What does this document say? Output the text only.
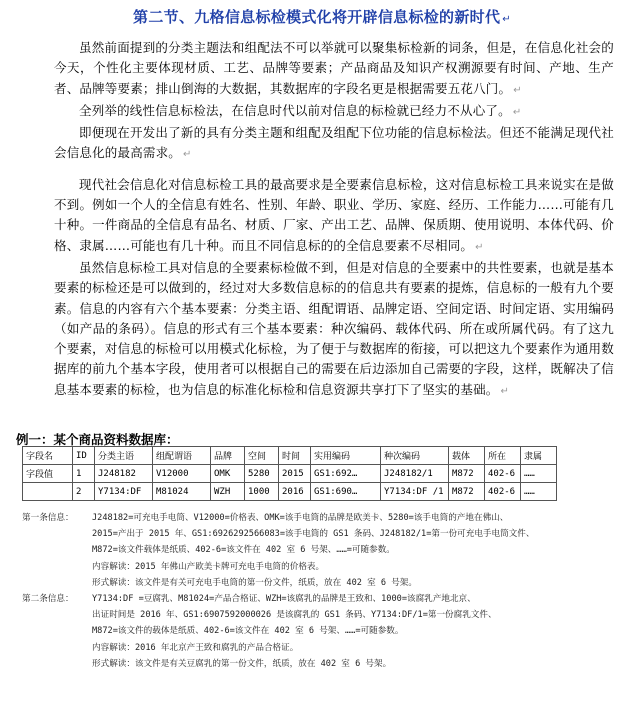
第二节、九格信息标检模式化将开辟信息标检的新时代 ↵

虽然前面提到的分类主题法和组配法不可以举就可以聚集标检新的词条，但是，在信息化社会的今天，个性化主要体现材质、工艺、品牌等要素；产品商品及知识产权溯源要有时间、产地、生产者、品牌等要素；排山倒海的大数据，其数据库的字段名更是根据需要五花八门。 ↵

全列举的线性信息标检法，在信息时代以前对信息的标检就已经力不从心了。 ↵

即便现在开发出了新的具有分类主题和组配及组配下位功能的信息标检法。但还不能满足现代社会信息化的最高需求。 ↵

现代社会信息化对信息标检工具的最高要求是全要素信息标检，这对信息标检工具来说实在是做不到。例如一个人的全信息有姓名、性别、年龄、职业、学历、家庭、经历、工作能力……可能有几十种。一件商品的全信息有品名、材质、厂家、产出工艺、品牌、保质期、使用说明、本体代码、价格、隶属……可能也有几十种。而且不同信息标的的全信息要素不尽相同。 ↵

虽然信息标检工具对信息的全要素标检做不到，但是对信息的全要素中的共性要素，也就是基本要素的标检还是可以做到的，经过对大多数信息标的的信息共有要素的提炼，信息标的一般有九个要素。信息的内容有六个基本要素：分类主语、组配谓语、品牌定语、空间定语、时间定语、实用编码（如产品的条码）。信息的形式有三个基本要素：种次编码、载体代码、所在或所属代码。有了这九个要素，对信息的标检可以用模式化标检，为了便于与数据库的衔接，可以把这九个要素作为通用数据库的前九个基本字段，使用者可以根据自己的需要在后边添加自己需要的字段，这样，既解决了信息基本要素的标检，也为信息的标准化标检和信息资源共享打下了坚实的基础。 ↵

例一：某个商品资料数据库：
字段名	ID	分类主语	组配谓语	品牌	空间	时间	实用编码	种次编码	载体	所在	隶属
字段值	1	J248182	V12000	OMK	5280	2015	GS1:692…	J248182/1	M872	402-6	……
	2	Y7134:DF	M81024	WZH	1000	2016	GS1:690…	Y7134:DF /1	M872	402-6	……
第一条信息： J248182=可充电手电筒、V12000=价格表、OMK=该手电筒的品牌是欧美卡、5280=该手电筒的产地在佛山、
2015=产出于 2015 年、GS1:6926292566083=该手电筒的 GS1 条码、J248182/1=第一份可充电手电筒文件、
M872=该文件载体是纸质、402-6=该文件在 402 室 6 号架、……=可随参数。
内容解读：2015 年佛山产欧美卡牌可充电手电筒的价格表。
形式解读：该文件是有关可充电手电筒的第一份文件，纸质，放在 402 室 6 号架。
第二条信息： Y7134:DF =豆腐乳、M81024=产品合格证、WZH=该腐乳的品牌是王致和、1000=该腐乳产地北京、
出证时间是 2016 年、GS1:6907592000026 是该腐乳的 GS1 条码、Y7134:DF/1=第一份腐乳文件、
M872=该文件的载体是纸质、402-6=该文件在 402 室 6 号架、……=可随参数。
内容解读：2016 年北京产王致和腐乳的产品合格证。
形式解读：该文件是有关豆腐乳的第一份文件，纸质，放在 402 室 6 号架。
